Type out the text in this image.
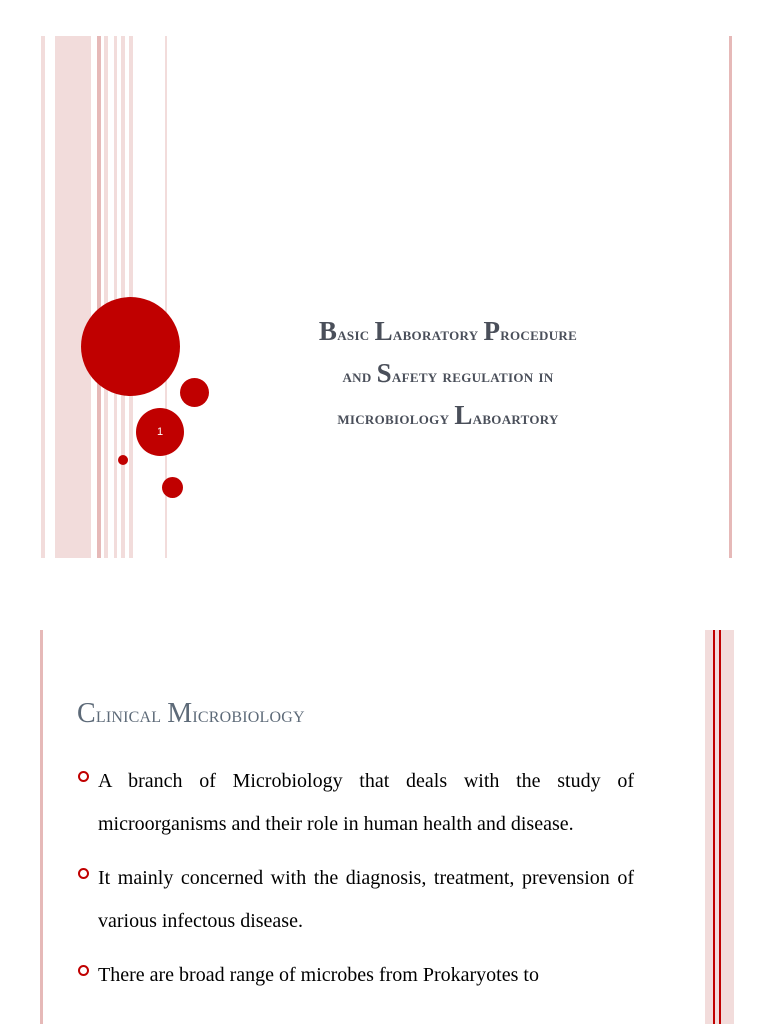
1
Basic Laboratory Procedure
and Safety regulation in
microbiology Laboartory
Clinical Microbiology
A branch of Microbiology that deals with the study of microorganisms and their role in human health and disease.
It mainly concerned with the diagnosis, treatment, prevension of various infectous disease.
There are broad range of microbes from Prokaryotes to
